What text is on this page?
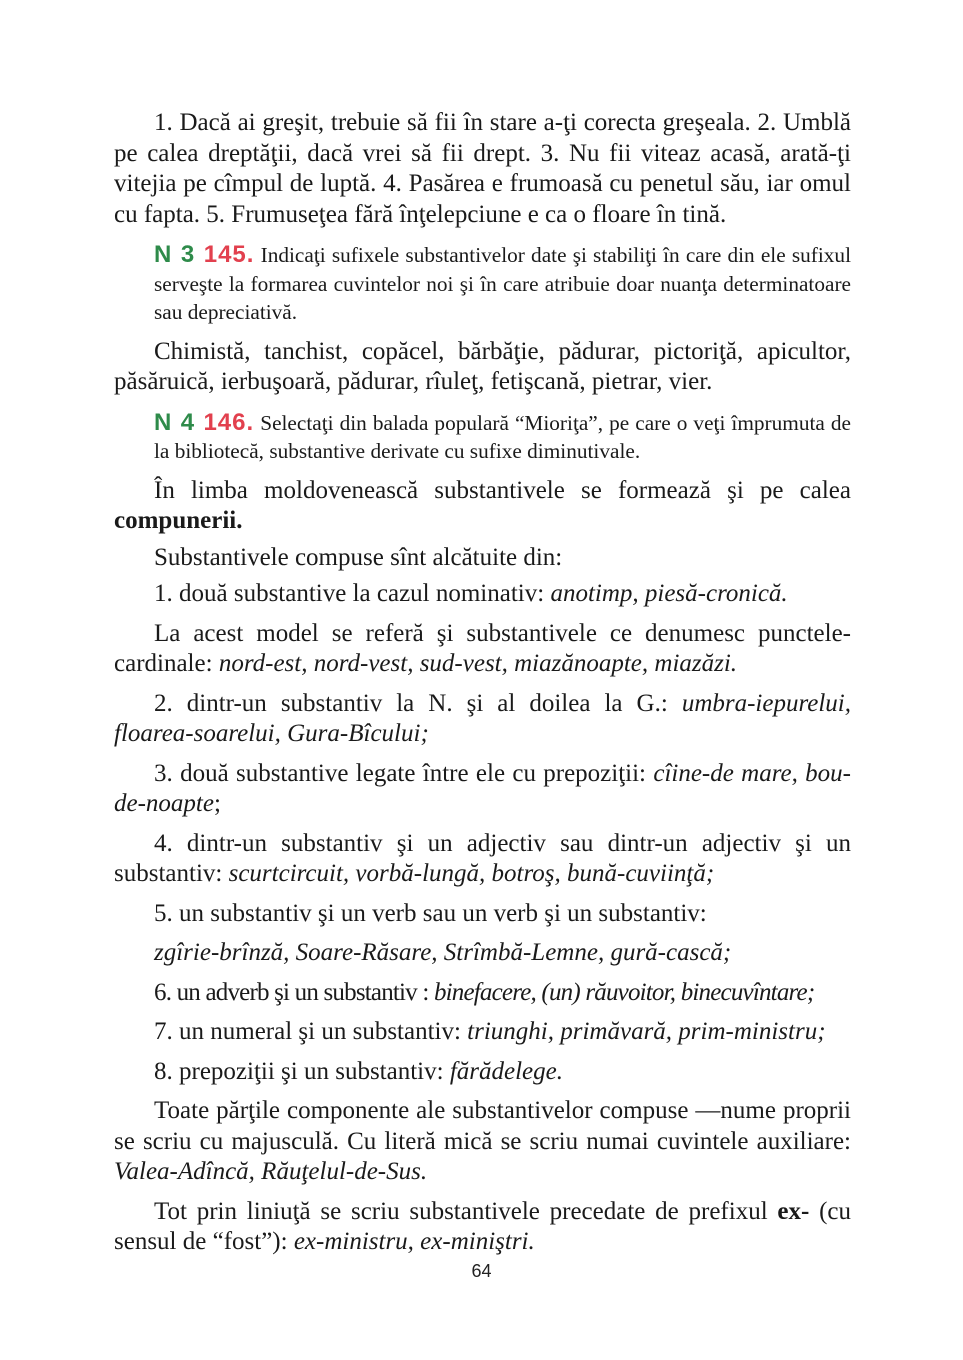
1. Dacă ai greşit, trebuie să fii în stare a-ţi corecta greşeala. 2. Umblă pe calea dreptăţii, dacă vrei să fii drept. 3. Nu fii viteaz acasă, arată-ţi vitejia pe cîmpul de luptă. 4. Pasărea e frumoasă cu penetul său, iar omul cu fapta. 5. Frumuseţea fără înţelepciune e ca o floare în tină.

N 3 145. Indicaţi sufixele substantivelor date şi stabiliţi în care din ele sufixul serveşte la formarea cuvintelor noi şi în care atribuie doar nuanţa determinatoare sau depreciativă.

Chimistă, tanchist, copăcel, bărbăţie, pădurar, pictoriţă, apicultor, păsăruică, ierbuşoară, pădurar, rîuleţ, fetişcană, pietrar, vier.

N 4 146. Selectaţi din balada populară “Mioriţa”, pe care o veţi împrumuta de la bibliotecă, substantive derivate cu sufixe diminutivale.

În limba moldovenească substantivele se formează şi pe calea compunerii.

Substantivele compuse sînt alcătuite din:

1. două substantive la cazul nominativ: anotimp, piesă-cronică.

La acest model se referă şi substantivele ce denumesc punctele-cardinale: nord-est, nord-vest, sud-vest, miazănoapte, miazăzi.

2. dintr-un substantiv la N. şi al doilea la G.: umbra-iepurelui, floarea-soarelui, Gura-Bîcului;

3. două substantive legate între ele cu prepoziţii: cîine-de mare, bou-de-noapte;

4. dintr-un substantiv şi un adjectiv sau dintr-un adjectiv şi un substantiv: scurtcircuit, vorbă-lungă, botroş, bună-cuviinţă;

5. un substantiv şi un verb sau un verb şi un substantiv:

zgîrie-brînză, Soare-Răsare, Strîmbă-Lemne, gură-cască;

6. un adverb şi un substantiv : binefacere, (un) răuvoitor, binecuvîntare;

7. un numeral şi un substantiv: triunghi, primăvară, prim-ministru;

8. prepoziţii şi un substantiv: fărădelege.

Toate părţile componente ale substantivelor compuse —nume proprii se scriu cu majusculă. Cu literă mică se scriu numai cuvintele auxiliare: Valea-Adîncă, Răuţelul-de-Sus.

Tot prin liniuţă se scriu substantivele precedate de prefixul ex- (cu sensul de “fost”): ex-ministru, ex-miniştri.

64
